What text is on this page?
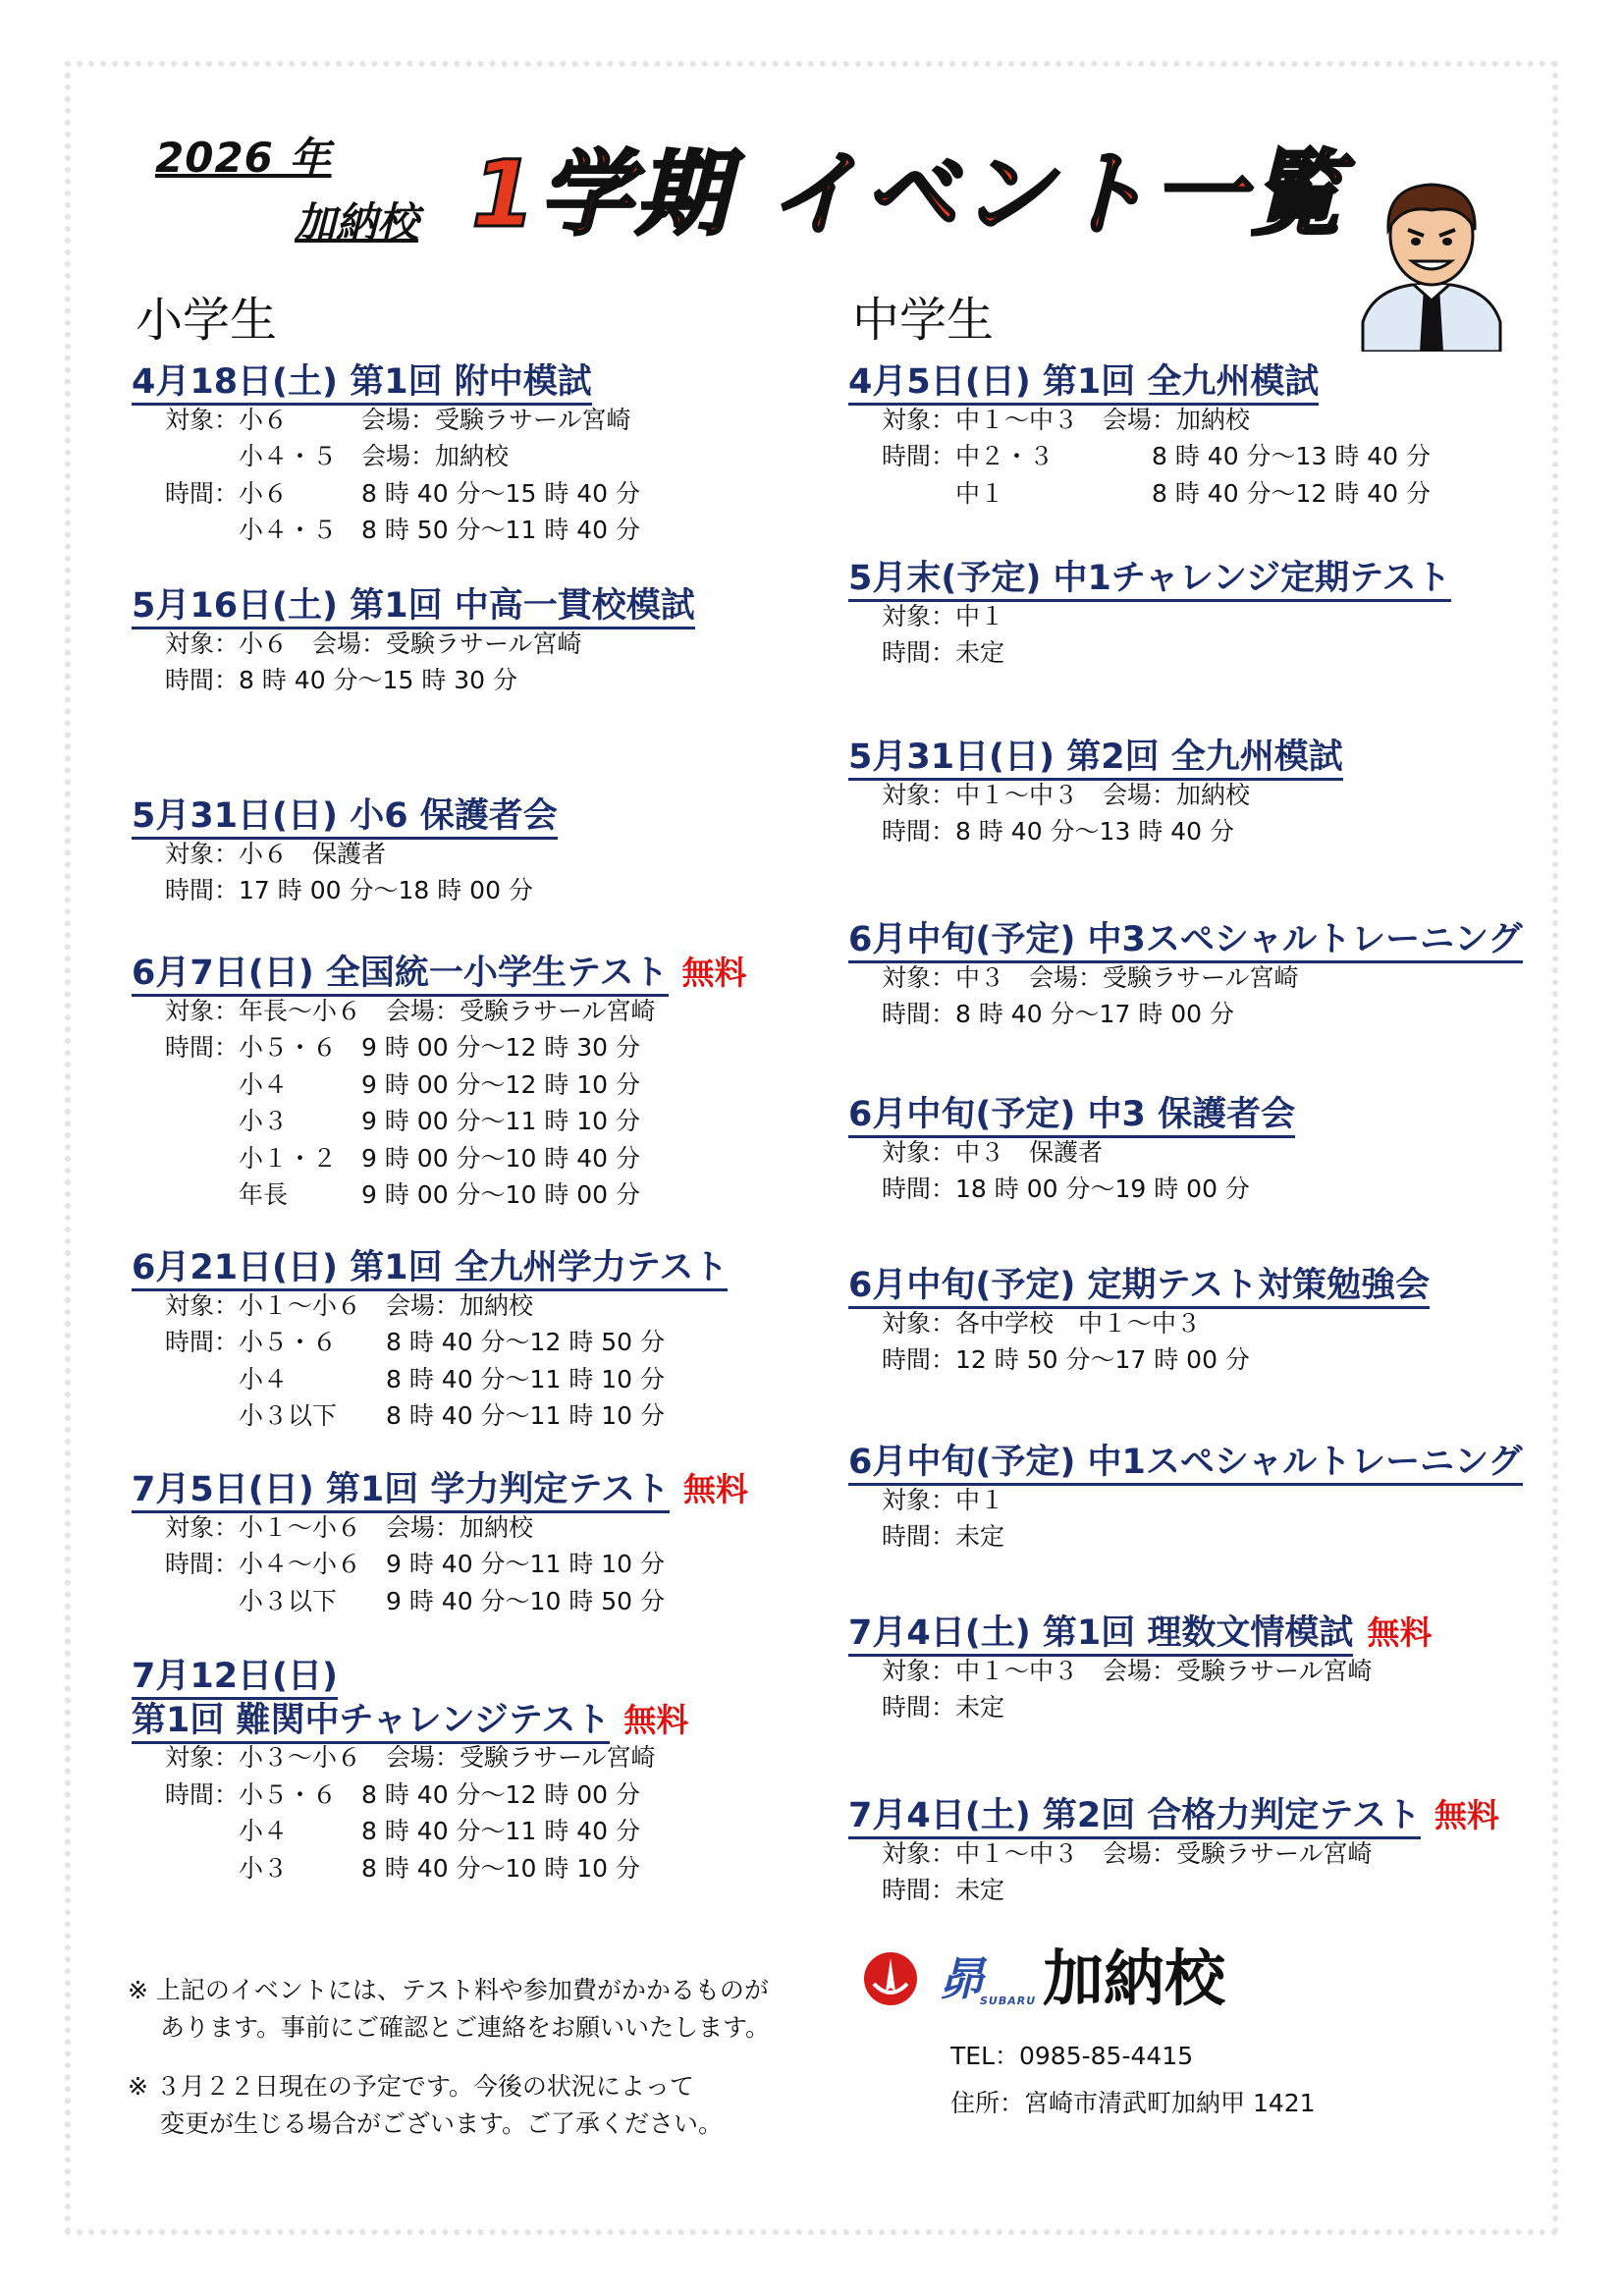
2026 年
加納校 1学期 イベント一覧
小学生	中学生
4月18日(土) 第1回 附中模試
対象：小６　　　会場：受験ラサール宮崎
　　　小４・５　会場：加納校
時間：小６　　　8 時 40 分～15 時 40 分
　　　小４・５　8 時 50 分～11 時 40 分
5月16日(土) 第1回 中高一貫校模試
対象：小６　会場：受験ラサール宮崎
時間：8 時 40 分～15 時 30 分
5月31日(日) 小6 保護者会
対象：小６　保護者
時間：17 時 00 分～18 時 00 分
6月7日(日) 全国統一小学生テスト 無料
対象：年長～小６　会場：受験ラサール宮崎
時間：小５・６　9 時 00 分～12 時 30 分
　　　小４　　　9 時 00 分～12 時 10 分
　　　小３　　　9 時 00 分～11 時 10 分
　　　小１・２　9 時 00 分～10 時 40 分
　　　年長　　　9 時 00 分～10 時 00 分
6月21日(日) 第1回 全九州学力テスト
対象：小１～小６　会場：加納校
時間：小５・６　　8 時 40 分～12 時 50 分
　　　小４　　　　8 時 40 分～11 時 10 分
　　　小３以下　　8 時 40 分～11 時 10 分
7月5日(日) 第1回 学力判定テスト 無料
対象：小１～小６　会場：加納校
時間：小４～小６　9 時 40 分～11 時 10 分
　　　小３以下　　9 時 40 分～10 時 50 分
7月12日(日)
第1回 難関中チャレンジテスト 無料
対象：小３～小６　会場：受験ラサール宮崎
時間：小５・６　8 時 40 分～12 時 00 分
　　　小４　　　8 時 40 分～11 時 40 分
　　　小３　　　8 時 40 分～10 時 10 分
4月5日(日) 第1回 全九州模試
対象：中１～中３　会場：加納校
時間：中２・３　　　　8 時 40 分～13 時 40 分
　　　中１　　　　　　8 時 40 分～12 時 40 分
5月末(予定) 中1チャレンジ定期テスト
対象：中１
時間：未定
5月31日(日) 第2回 全九州模試
対象：中１～中３　会場：加納校
時間：8 時 40 分～13 時 40 分
6月中旬(予定) 中3スペシャルトレーニング
対象：中３　会場：受験ラサール宮崎
時間：8 時 40 分～17 時 00 分
6月中旬(予定) 中3 保護者会
対象：中３　保護者
時間：18 時 00 分～19 時 00 分
6月中旬(予定) 定期テスト対策勉強会
対象：各中学校　中１～中３
時間：12 時 50 分～17 時 00 分
6月中旬(予定) 中1スペシャルトレーニング
対象：中１
時間：未定
7月4日(土) 第1回 理数文情模試 無料
対象：中１～中３　会場：受験ラサール宮崎
時間：未定
7月4日(土) 第2回 合格力判定テスト 無料
対象：中１～中３　会場：受験ラサール宮崎
時間：未定
※ 上記のイベントには、テスト料や参加費がかかるものが
　 あります。事前にご確認とご連絡をお願いいたします。
※ ３月２２日現在の予定です。今後の状況によって
　 変更が生じる場合がございます。ご了承ください。
昴
SUBARU 加納校
TEL：0985-85-4415
住所：宮崎市清武町加納甲 1421
